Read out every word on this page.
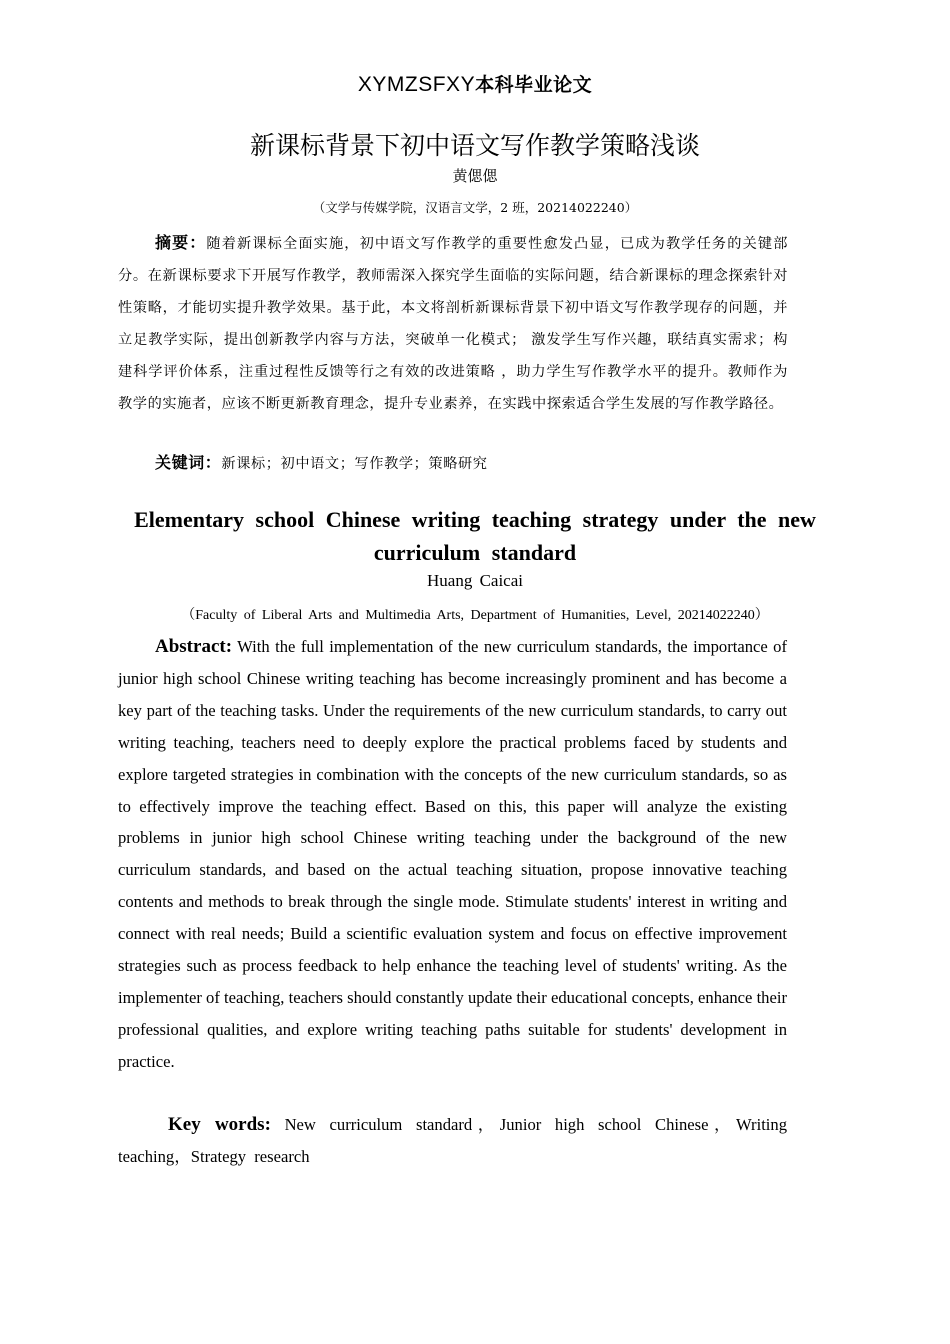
XYMZSFXY本科毕业论文
新课标背景下初中语文写作教学策略浅谈
黄偲偲
（文学与传媒学院，汉语言文学，2 班，20214022240）
摘要：随着新课标全面实施，初中语文写作教学的重要性愈发凸显，已成为教学任务的关键部分。在新课标要求下开展写作教学，教师需深入探究学生面临的实际问题，结合新课标的理念探索针对性策略，才能切实提升教学效果。基于此，本文将剖析新课标背景下初中语文写作教学现存的问题，并立足教学实际，提出创新教学内容与方法，突破单一化模式； 激发学生写作兴趣，联结真实需求；构建科学评价体系，注重过程性反馈等行之有效的改进策略 ，助力学生写作教学水平的提升。教师作为教学的实施者，应该不断更新教育理念，提升专业素养，在实践中探索适合学生发展的写作教学路径。
关键词：新课标；初中语文；写作教学；策略研究
Elementary school Chinese writing teaching strategy under the new curriculum standard
Huang Caicai
（Faculty of Liberal Arts and Multimedia Arts, Department of Humanities, Level, 20214022240）
Abstract: With the full implementation of the new curriculum standards, the importance of junior high school Chinese writing teaching has become increasingly prominent and has become a key part of the teaching tasks. Under the requirements of the new curriculum standards, to carry out writing teaching, teachers need to deeply explore the practical problems faced by students and explore targeted strategies in combination with the concepts of the new curriculum standards, so as to effectively improve the teaching effect. Based on this, this paper will analyze the existing problems in junior high school Chinese writing teaching under the background of the new curriculum standards, and based on the actual teaching situation, propose innovative teaching contents and methods to break through the single mode. Stimulate students' interest in writing and connect with real needs; Build a scientific evaluation system and focus on effective improvement strategies such as process feedback to help enhance the teaching level of students' writing. As the implementer of teaching, teachers should constantly update their educational concepts, enhance their professional qualities, and explore writing teaching paths suitable for students' development in practice.
Key words: New curriculum standard，Junior high school Chinese，Writing teaching，Strategy research
